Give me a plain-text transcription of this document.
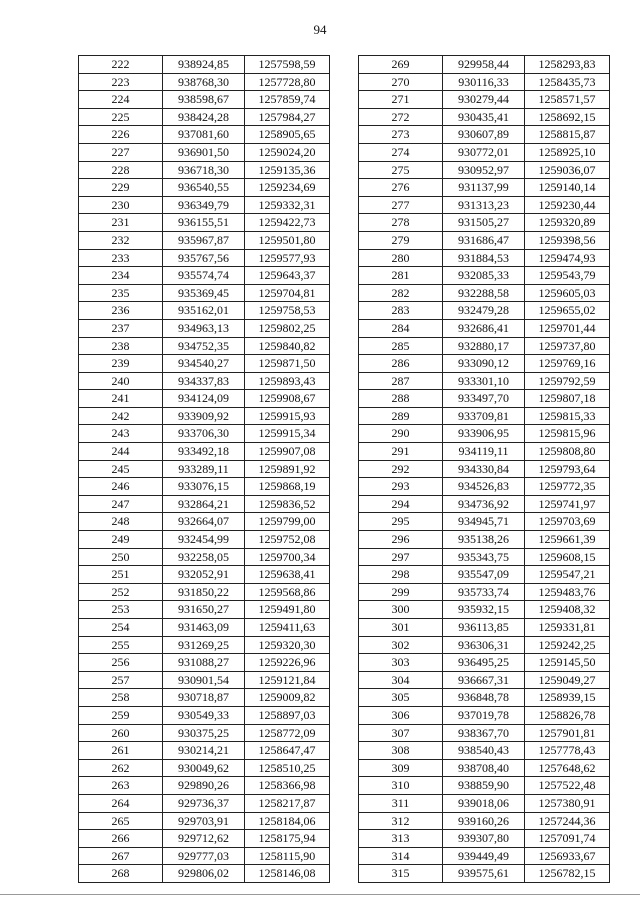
94
222	938924,85	1257598,59
223	938768,30	1257728,80
224	938598,67	1257859,74
225	938424,28	1257984,27
226	937081,60	1258905,65
227	936901,50	1259024,20
228	936718,30	1259135,36
229	936540,55	1259234,69
230	936349,79	1259332,31
231	936155,51	1259422,73
232	935967,87	1259501,80
233	935767,56	1259577,93
234	935574,74	1259643,37
235	935369,45	1259704,81
236	935162,01	1259758,53
237	934963,13	1259802,25
238	934752,35	1259840,82
239	934540,27	1259871,50
240	934337,83	1259893,43
241	934124,09	1259908,67
242	933909,92	1259915,93
243	933706,30	1259915,34
244	933492,18	1259907,08
245	933289,11	1259891,92
246	933076,15	1259868,19
247	932864,21	1259836,52
248	932664,07	1259799,00
249	932454,99	1259752,08
250	932258,05	1259700,34
251	932052,91	1259638,41
252	931850,22	1259568,86
253	931650,27	1259491,80
254	931463,09	1259411,63
255	931269,25	1259320,30
256	931088,27	1259226,96
257	930901,54	1259121,84
258	930718,87	1259009,82
259	930549,33	1258897,03
260	930375,25	1258772,09
261	930214,21	1258647,47
262	930049,62	1258510,25
263	929890,26	1258366,98
264	929736,37	1258217,87
265	929703,91	1258184,06
266	929712,62	1258175,94
267	929777,03	1258115,90
268	929806,02	1258146,08
269	929958,44	1258293,83
270	930116,33	1258435,73
271	930279,44	1258571,57
272	930435,41	1258692,15
273	930607,89	1258815,87
274	930772,01	1258925,10
275	930952,97	1259036,07
276	931137,99	1259140,14
277	931313,23	1259230,44
278	931505,27	1259320,89
279	931686,47	1259398,56
280	931884,53	1259474,93
281	932085,33	1259543,79
282	932288,58	1259605,03
283	932479,28	1259655,02
284	932686,41	1259701,44
285	932880,17	1259737,80
286	933090,12	1259769,16
287	933301,10	1259792,59
288	933497,70	1259807,18
289	933709,81	1259815,33
290	933906,95	1259815,96
291	934119,11	1259808,80
292	934330,84	1259793,64
293	934526,83	1259772,35
294	934736,92	1259741,97
295	934945,71	1259703,69
296	935138,26	1259661,39
297	935343,75	1259608,15
298	935547,09	1259547,21
299	935733,74	1259483,76
300	935932,15	1259408,32
301	936113,85	1259331,81
302	936306,31	1259242,25
303	936495,25	1259145,50
304	936667,31	1259049,27
305	936848,78	1258939,15
306	937019,78	1258826,78
307	938367,70	1257901,81
308	938540,43	1257778,43
309	938708,40	1257648,62
310	938859,90	1257522,48
311	939018,06	1257380,91
312	939160,26	1257244,36
313	939307,80	1257091,74
314	939449,49	1256933,67
315	939575,61	1256782,15
